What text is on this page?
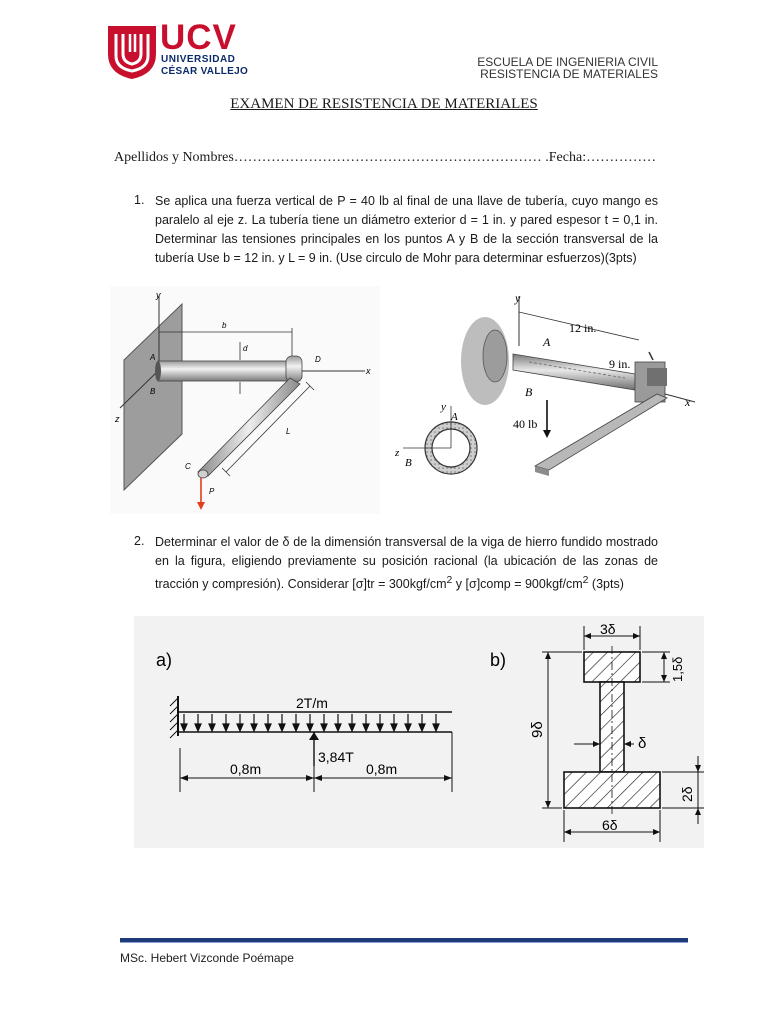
UCV
UNIVERSIDAD
CÉSAR VALLEJO
ESCUELA DE INGENIERIA CIVIL
RESISTENCIA DE MATERIALES
EXAMEN DE RESISTENCIA DE MATERIALES
Apellidos y Nombres………………………………………………………… .Fecha:……………
1. Se aplica una fuerza vertical de P = 40 lb al final de una llave de tubería, cuyo mango es paralelo al eje z. La tubería tiene un diámetro exterior d = 1 in. y pared espesor t = 0,1 in. Determinar las tensiones principales en los puntos A y B de la sección transversal de la tubería Use b = 12 in. y L = 9 in. (Use circulo de Mohr para determinar esfuerzos)(3pts)
y
z
x
b
d
A
B
D
L
C
P
y
12 in.
A
B
x
9 in.
40 lb
y
A
z
B
2. Determinar el valor de δ de la dimensión transversal de la viga de hierro fundido mostrado en la figura, eligiendo previamente su posición racional (la ubicación de las zonas de tracción y compresión). Considerar $[\sigma]tr = 300kgf/cm^2$ y [σ]comp = $900kgf/cm^2$ (3pts)
a)
2T/m
3,84T
0,8m	0,8m
b)
3δ
1,5δ
9δ
δ
2δ
6δ
MSc. Hebert Vizconde Poémape
